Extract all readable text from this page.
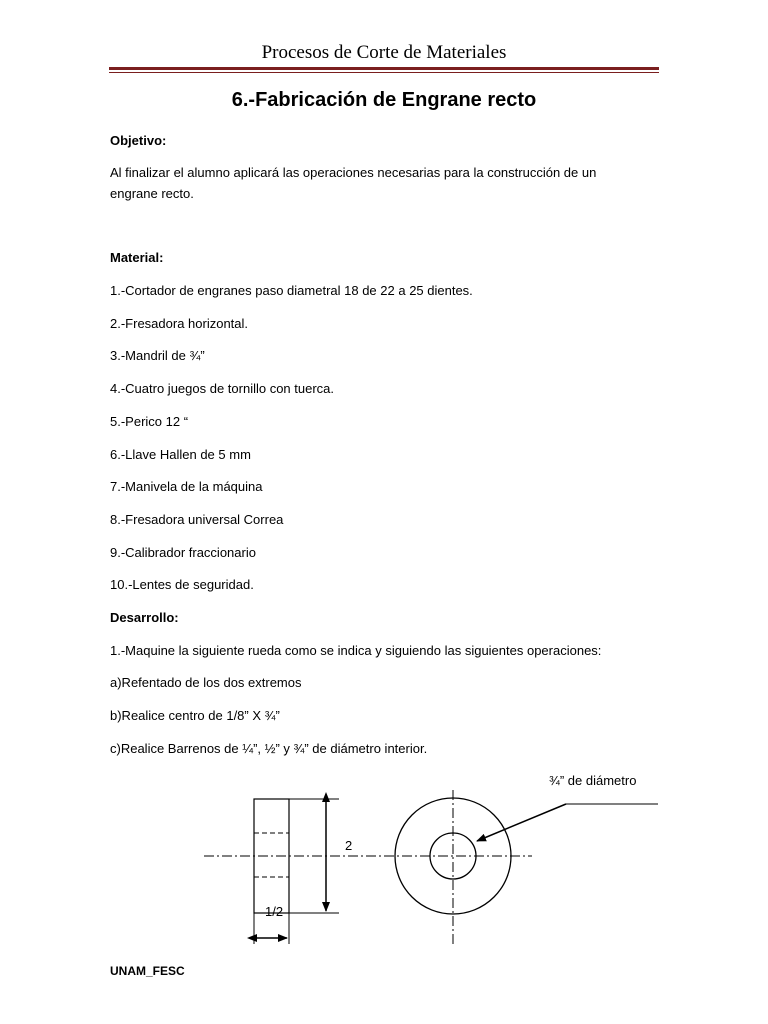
Procesos de Corte de Materiales
6.-Fabricación de Engrane recto
Objetivo:
Al finalizar el alumno aplicará las operaciones necesarias para la construcción de un
engrane recto.
Material:
1.-Cortador de engranes paso diametral 18 de 22 a 25 dientes.
2.-Fresadora horizontal.
3.-Mandril de ¾”
4.-Cuatro juegos de tornillo con tuerca.
5.-Perico 12 “
6.-Llave Hallen de 5 mm
7.-Manivela de la máquina
8.-Fresadora universal Correa
9.-Calibrador fraccionario
10.-Lentes de seguridad.
Desarrollo:
1.-Maquine la siguiente rueda como se indica y siguiendo las siguientes operaciones:
a)Refentado de los dos extremos
b)Realice centro de 1/8” X ¾”
c)Realice Barrenos de ¼”, ½” y ¾” de diámetro interior.
¾” de diámetro
2
1/2
UNAM_FESC
